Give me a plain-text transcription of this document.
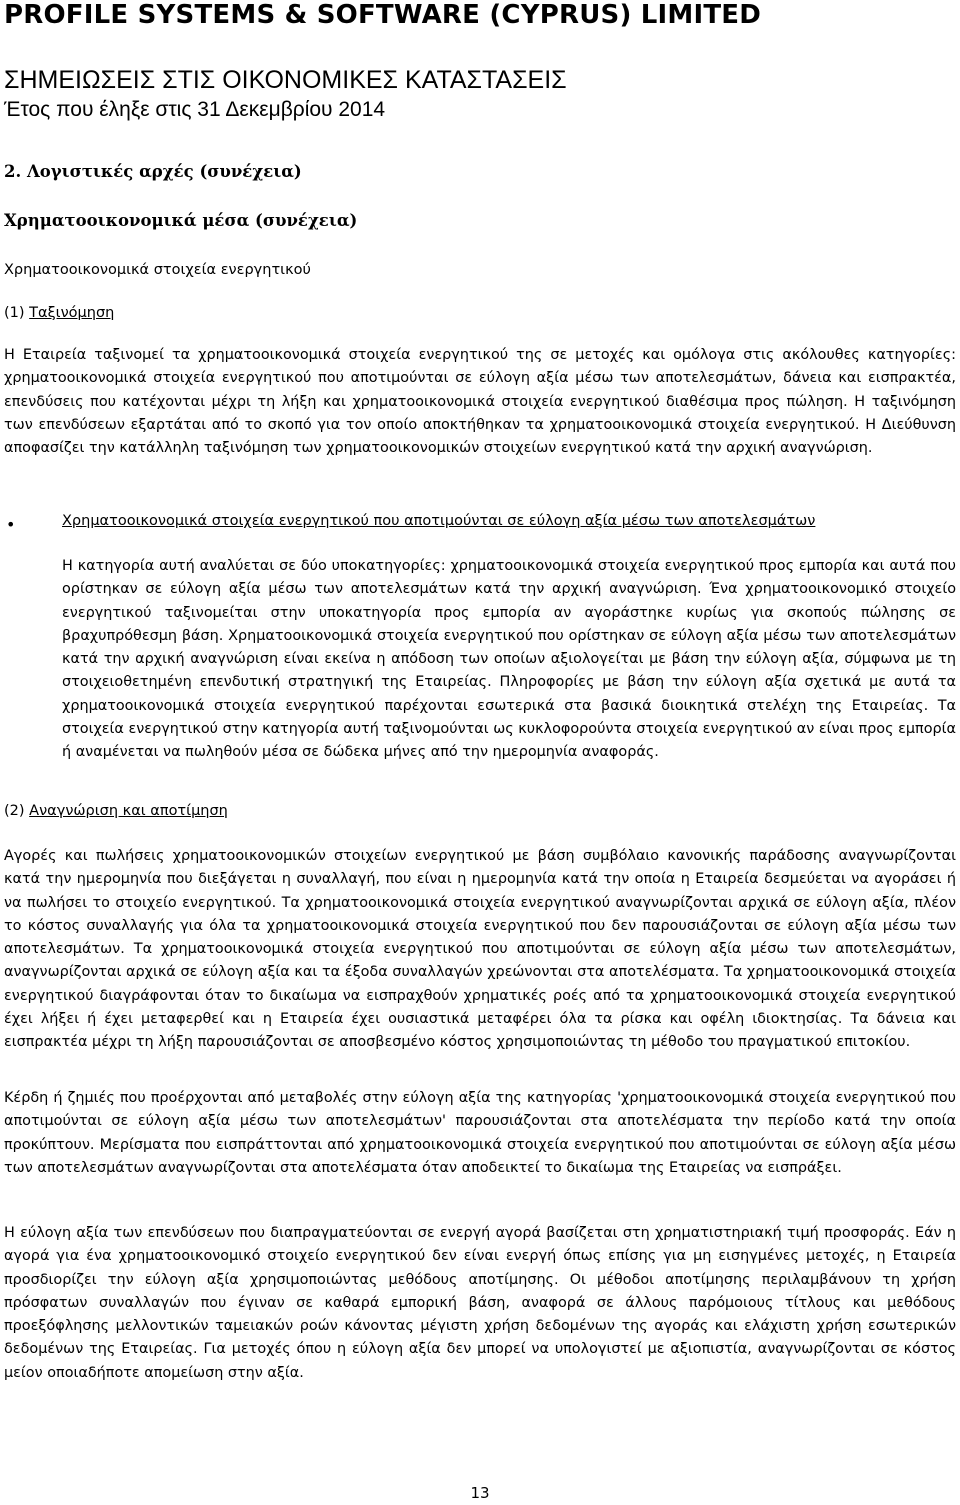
PROFILE SYSTEMS & SOFTWARE (CYPRUS) LIMITED
ΣΗΜΕΙΩΣΕΙΣ ΣΤΙΣ ΟΙΚΟΝΟΜΙΚΕΣ ΚΑΤΑΣΤΑΣΕΙΣ
Έτος που έληξε στις 31 Δεκεμβρίου 2014
2. Λογιστικές αρχές (συνέχεια)
Χρηματοοικονομικά μέσα (συνέχεια)
Χρηματοοικονομικά στοιχεία ενεργητικού
(1) Ταξινόμηση
Η Εταιρεία ταξινομεί τα χρηματοοικονομικά στοιχεία ενεργητικού της σε μετοχές και ομόλογα στις ακόλουθες κατηγορίες: χρηματοοικονομικά στοιχεία ενεργητικού που αποτιμούνται σε εύλογη αξία μέσω των αποτελεσμάτων, δάνεια και εισπρακτέα, επενδύσεις που κατέχονται μέχρι τη λήξη και χρηματοοικονομικά στοιχεία ενεργητικού διαθέσιμα προς πώληση. Η ταξινόμηση των επενδύσεων εξαρτάται από το σκοπό για τον οποίο αποκτήθηκαν τα χρηματοοικονομικά στοιχεία ενεργητικού. Η Διεύθυνση αποφασίζει την κατάλληλη ταξινόμηση των χρηματοοικονομικών στοιχείων ενεργητικού κατά την αρχική αναγνώριση.
•	Χρηματοοικονομικά στοιχεία ενεργητικού που αποτιμούνται σε εύλογη αξία μέσω των αποτελεσμάτων
Η κατηγορία αυτή αναλύεται σε δύο υποκατηγορίες: χρηματοοικονομικά στοιχεία ενεργητικού προς εμπορία και αυτά που ορίστηκαν σε εύλογη αξία μέσω των αποτελεσμάτων κατά την αρχική αναγνώριση. Ένα χρηματοοικονομικό στοιχείο ενεργητικού ταξινομείται στην υποκατηγορία προς εμπορία αν αγοράστηκε κυρίως για σκοπούς πώλησης σε βραχυπρόθεσμη βάση. Χρηματοοικονομικά στοιχεία ενεργητικού που ορίστηκαν σε εύλογη αξία μέσω των αποτελεσμάτων κατά την αρχική αναγνώριση είναι εκείνα η απόδοση των οποίων αξιολογείται με βάση την εύλογη αξία, σύμφωνα με τη στοιχειοθετημένη επενδυτική στρατηγική της Εταιρείας. Πληροφορίες με βάση την εύλογη αξία σχετικά με αυτά τα χρηματοοικονομικά στοιχεία ενεργητικού παρέχονται εσωτερικά στα βασικά διοικητικά στελέχη της Εταιρείας. Τα στοιχεία ενεργητικού στην κατηγορία αυτή ταξινομούνται ως κυκλοφορούντα στοιχεία ενεργητικού αν είναι προς εμπορία ή αναμένεται να πωληθούν μέσα σε δώδεκα μήνες από την ημερομηνία αναφοράς.
(2) Αναγνώριση και αποτίμηση
Αγορές και πωλήσεις χρηματοοικονομικών στοιχείων ενεργητικού με βάση συμβόλαιο κανονικής παράδοσης αναγνωρίζονται κατά την ημερομηνία που διεξάγεται η συναλλαγή, που είναι η ημερομηνία κατά την οποία η Εταιρεία δεσμεύεται να αγοράσει ή να πωλήσει το στοιχείο ενεργητικού. Τα χρηματοοικονομικά στοιχεία ενεργητικού αναγνωρίζονται αρχικά σε εύλογη αξία, πλέον το κόστος συναλλαγής για όλα τα χρηματοοικονομικά στοιχεία ενεργητικού που δεν παρουσιάζονται σε εύλογη αξία μέσω των αποτελεσμάτων. Τα χρηματοοικονομικά στοιχεία ενεργητικού που αποτιμούνται σε εύλογη αξία μέσω των αποτελεσμάτων, αναγνωρίζονται αρχικά σε εύλογη αξία και τα έξοδα συναλλαγών χρεώνονται στα αποτελέσματα. Τα χρηματοοικονομικά στοιχεία ενεργητικού διαγράφονται όταν το δικαίωμα να εισπραχθούν χρηματικές ροές από τα χρηματοοικονομικά στοιχεία ενεργητικού έχει λήξει ή έχει μεταφερθεί και η Εταιρεία έχει ουσιαστικά μεταφέρει όλα τα ρίσκα και οφέλη ιδιοκτησίας. Τα δάνεια και εισπρακτέα μέχρι τη λήξη παρουσιάζονται σε αποσβεσμένο κόστος χρησιμοποιώντας τη μέθοδο του πραγματικού επιτοκίου.
Κέρδη ή ζημιές που προέρχονται από μεταβολές στην εύλογη αξία της κατηγορίας 'χρηματοοικονομικά στοιχεία ενεργητικού που αποτιμούνται σε εύλογη αξία μέσω των αποτελεσμάτων' παρουσιάζονται στα αποτελέσματα την περίοδο κατά την οποία προκύπτουν. Μερίσματα που εισπράττονται από χρηματοοικονομικά στοιχεία ενεργητικού που αποτιμούνται σε εύλογη αξία μέσω των αποτελεσμάτων αναγνωρίζονται στα αποτελέσματα όταν αποδεικτεί το δικαίωμα της Εταιρείας να εισπράξει.
Η εύλογη αξία των επενδύσεων που διαπραγματεύονται σε ενεργή αγορά βασίζεται στη χρηματιστηριακή τιμή προσφοράς. Εάν η αγορά για ένα χρηματοοικονομικό στοιχείο ενεργητικού δεν είναι ενεργή όπως επίσης για μη εισηγμένες μετοχές, η Εταιρεία προσδιορίζει την εύλογη αξία χρησιμοποιώντας μεθόδους αποτίμησης. Οι μέθοδοι αποτίμησης περιλαμβάνουν τη χρήση πρόσφατων συναλλαγών που έγιναν σε καθαρά εμπορική βάση, αναφορά σε άλλους παρόμοιους τίτλους και μεθόδους προεξόφλησης μελλοντικών ταμειακών ροών κάνοντας μέγιστη χρήση δεδομένων της αγοράς και ελάχιστη χρήση εσωτερικών δεδομένων της Εταιρείας. Για μετοχές όπου η εύλογη αξία δεν μπορεί να υπολογιστεί με αξιοπιστία, αναγνωρίζονται σε κόστος μείον οποιαδήποτε απομείωση στην αξία.
13
